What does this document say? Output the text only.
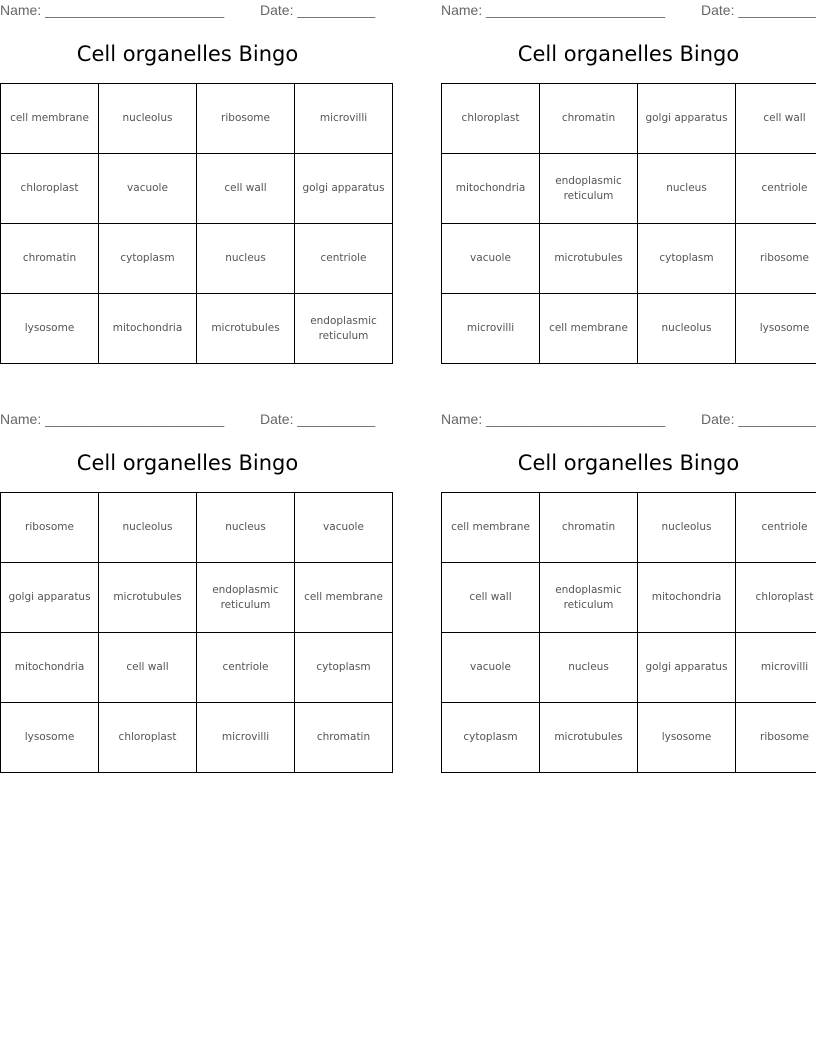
Name: _______________________	Date: __________
Cell organelles Bingo
cell membrane	nucleolus	ribosome	microvilli
chloroplast	vacuole	cell wall	golgi apparatus
chromatin	cytoplasm	nucleus	centriole
lysosome	mitochondria	microtubules	endoplasmic reticulum
Name: _______________________	Date: __________
Cell organelles Bingo
chloroplast	chromatin	golgi apparatus	cell wall
mitochondria	endoplasmic reticulum	nucleus	centriole
vacuole	microtubules	cytoplasm	ribosome
microvilli	cell membrane	nucleolus	lysosome
Name: _______________________	Date: __________
Cell organelles Bingo
ribosome	nucleolus	nucleus	vacuole
golgi apparatus	microtubules	endoplasmic reticulum	cell membrane
mitochondria	cell wall	centriole	cytoplasm
lysosome	chloroplast	microvilli	chromatin
Name: _______________________	Date: __________
Cell organelles Bingo
cell membrane	chromatin	nucleolus	centriole
cell wall	endoplasmic reticulum	mitochondria	chloroplast
vacuole	nucleus	golgi apparatus	microvilli
cytoplasm	microtubules	lysosome	ribosome
